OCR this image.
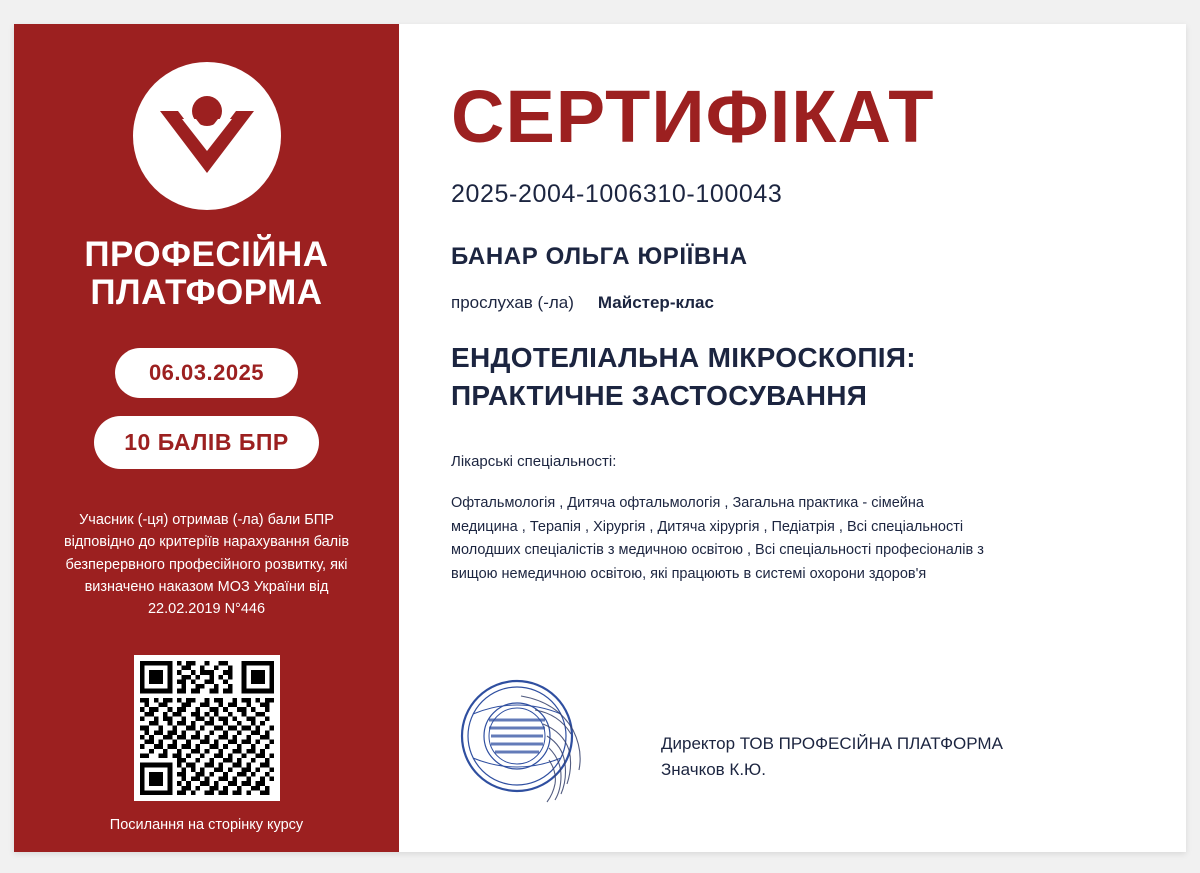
ПРОФЕСІЙНА
ПЛАТФОРМА
06.03.2025
10 БАЛІВ БПР
Учасник (-ця) отримав (-ла) бали БПР відповідно до критеріїв нарахування балів безперервного професійного розвитку, які визначено наказом МОЗ України від 22.02.2019 N°446
Посилання на сторінку курсу
СЕРТИФІКАТ
2025-2004-1006310-100043
БАНАР ОЛЬГА ЮРІЇВНА
прослухав (-ла) Майстер-клас
ЕНДОТЕЛІАЛЬНА МІКРОСКОПІЯ: ПРАКТИЧНЕ ЗАСТОСУВАННЯ
Лікарські спеціальності:
Офтальмологія , Дитяча офтальмологія , Загальна практика - сімейна медицина , Терапія , Хірургія , Дитяча хірургія , Педіатрія , Всі спеціальності молодших спеціалістів з медичною освітою , Всі спеціальності професіоналів з вищою немедичною освітою, які працюють в системі охорони здоров'я
Директор ТОВ ПРОФЕСІЙНА ПЛАТФОРМА
Значков К.Ю.
